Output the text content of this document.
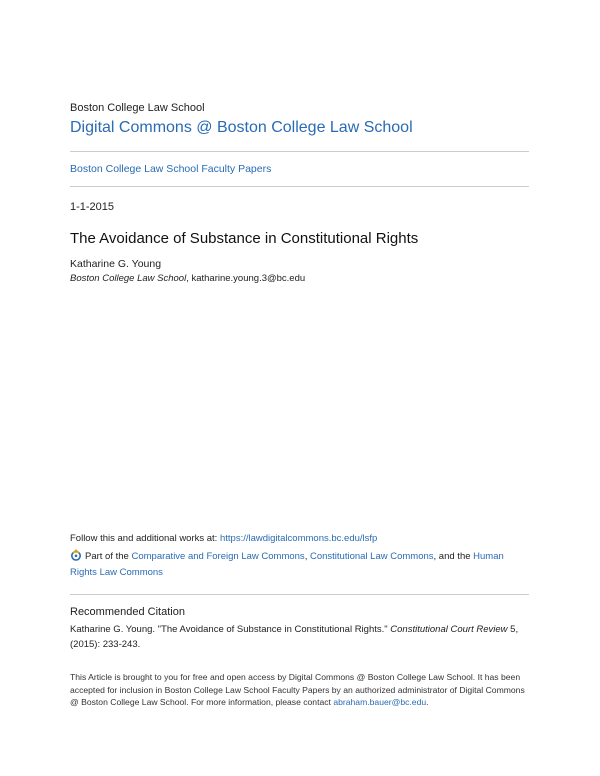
Boston College Law School
Digital Commons @ Boston College Law School
Boston College Law School Faculty Papers
1-1-2015
The Avoidance of Substance in Constitutional Rights
Katharine G. Young
Boston College Law School, katharine.young.3@bc.edu
Follow this and additional works at: https://lawdigitalcommons.bc.edu/lsfp
Part of the Comparative and Foreign Law Commons, Constitutional Law Commons, and the Human Rights Law Commons
Recommended Citation
Katharine G. Young. "The Avoidance of Substance in Constitutional Rights." Constitutional Court Review 5, (2015): 233-243.
This Article is brought to you for free and open access by Digital Commons @ Boston College Law School. It has been accepted for inclusion in Boston College Law School Faculty Papers by an authorized administrator of Digital Commons @ Boston College Law School. For more information, please contact abraham.bauer@bc.edu.
